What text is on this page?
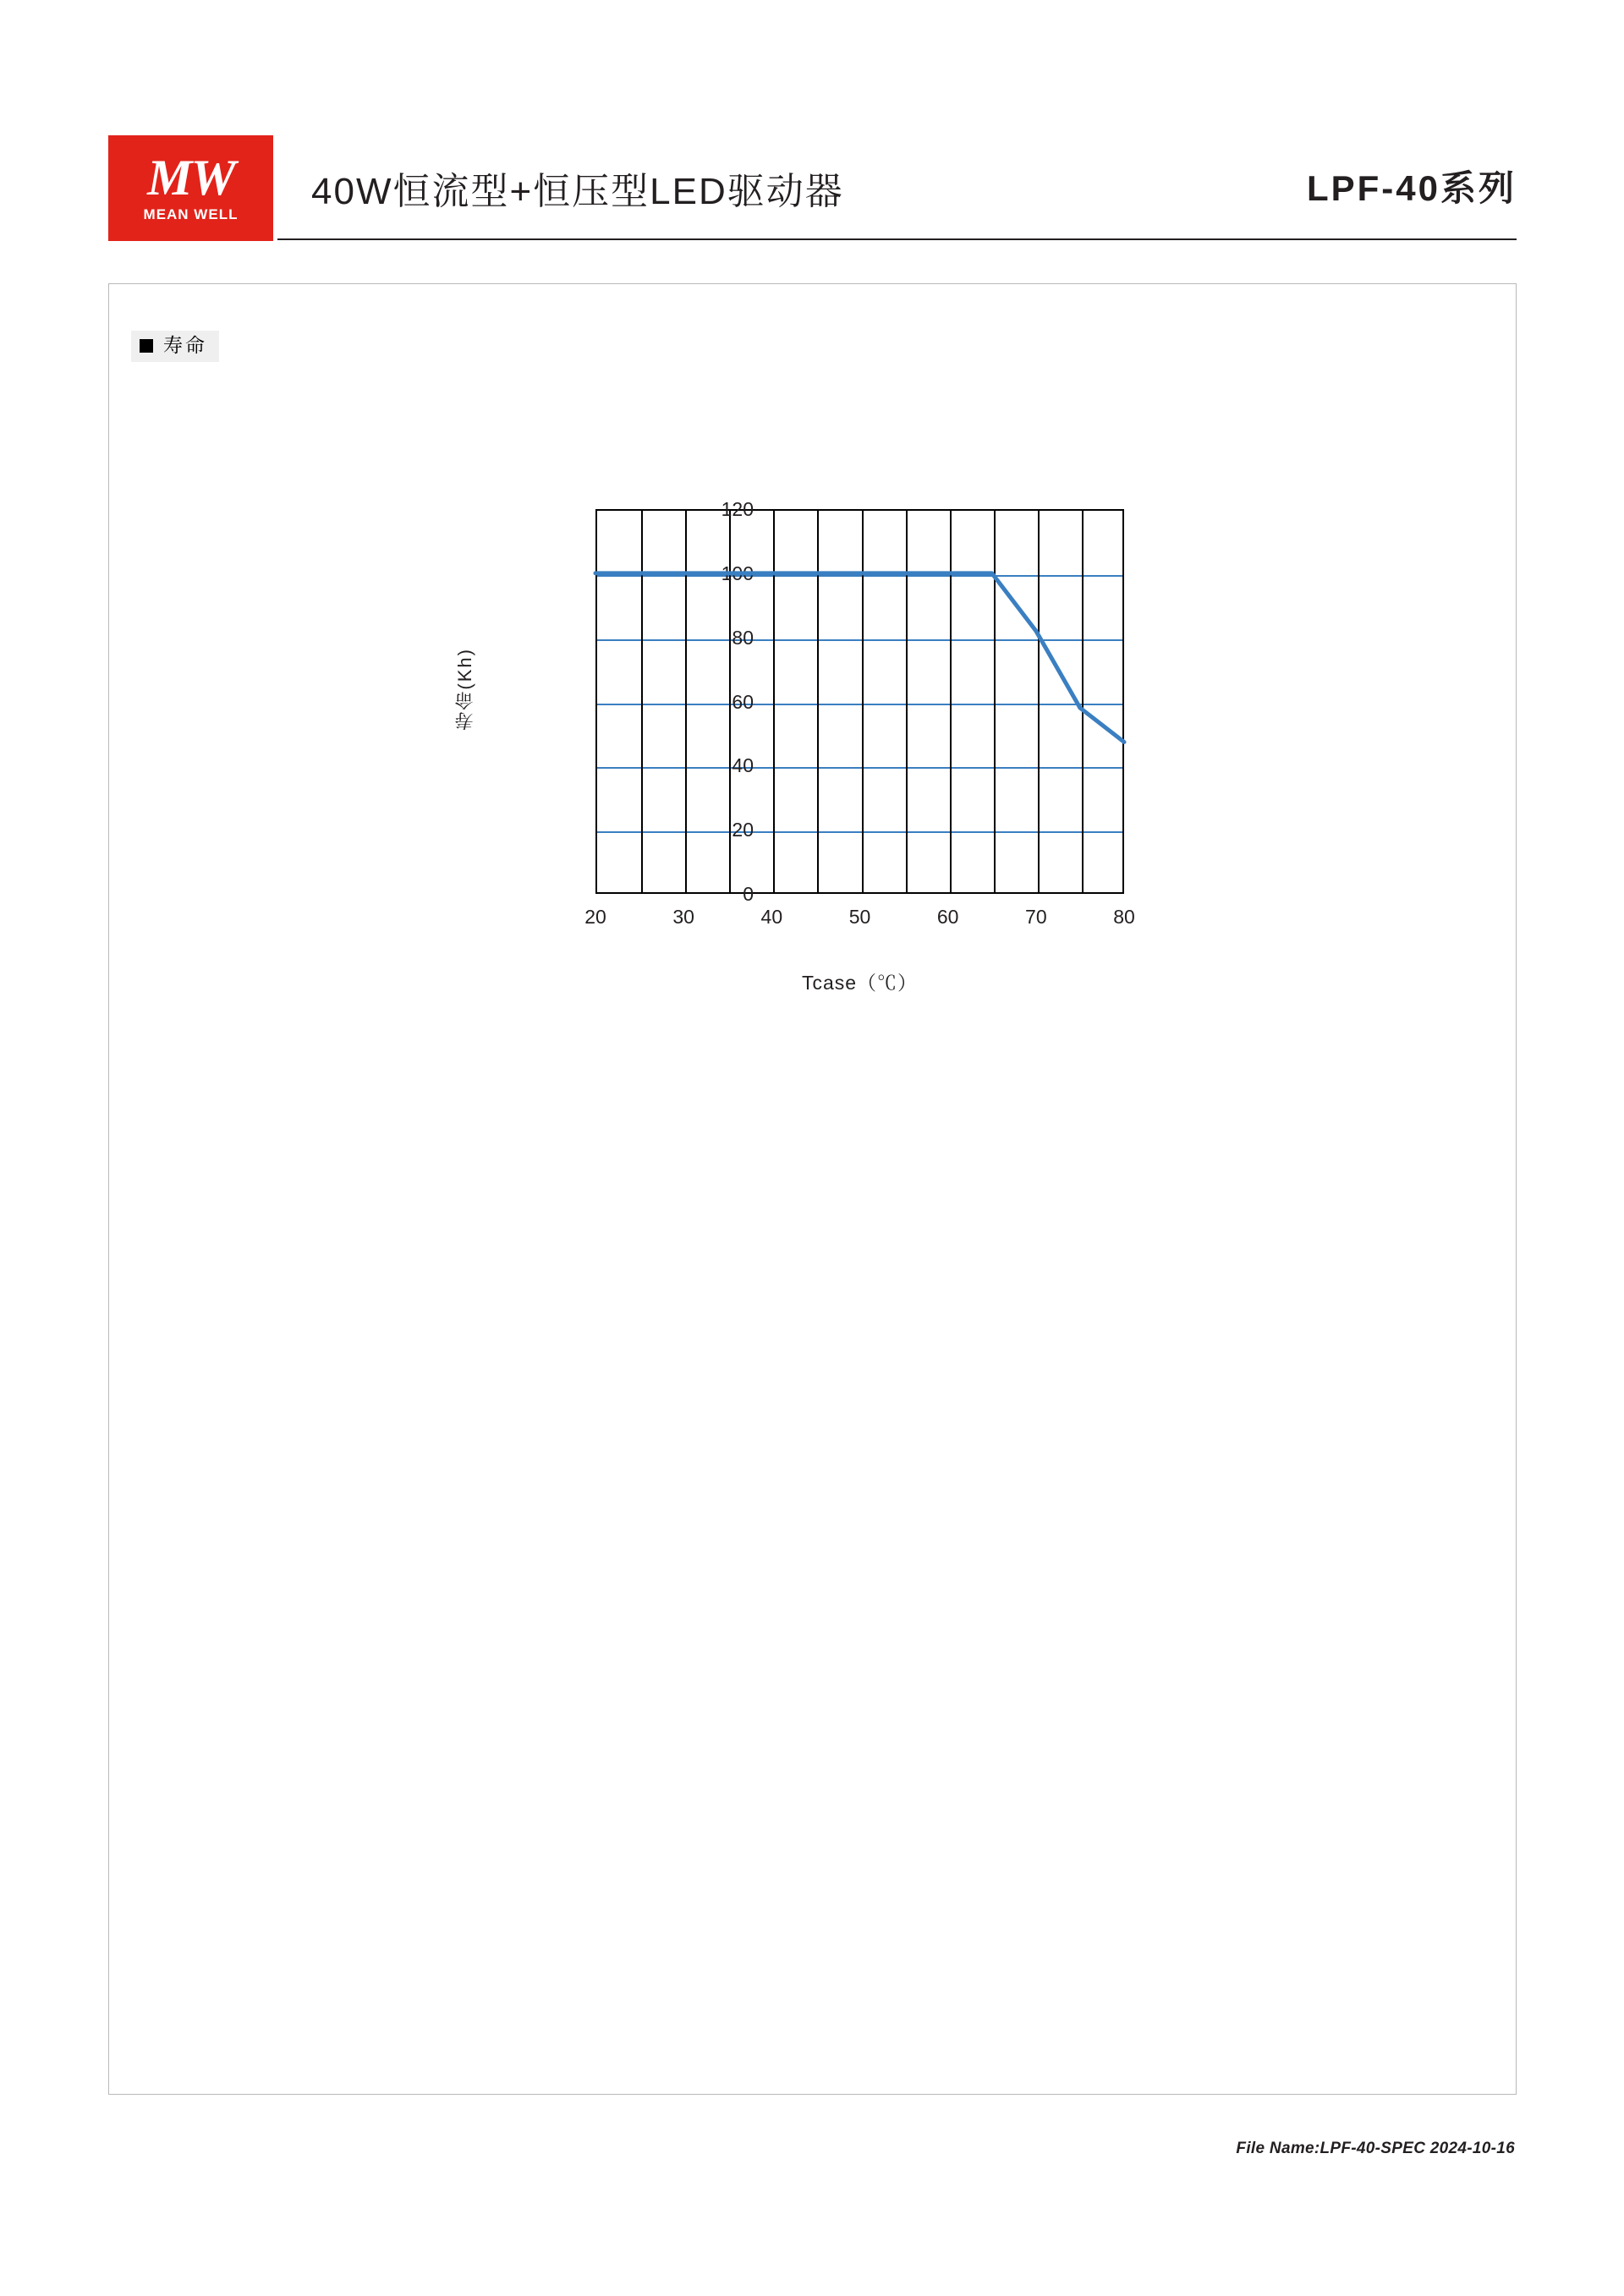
MW
MEAN WELL
40W恒流型+恒压型LED驱动器	LPF-40系列
寿命
寿命(Kh)
0
20
40
60
80
100
120
20	30	40	50	60	70	80
Tcase（℃）
File Name:LPF-40-SPEC 2024-10-16
